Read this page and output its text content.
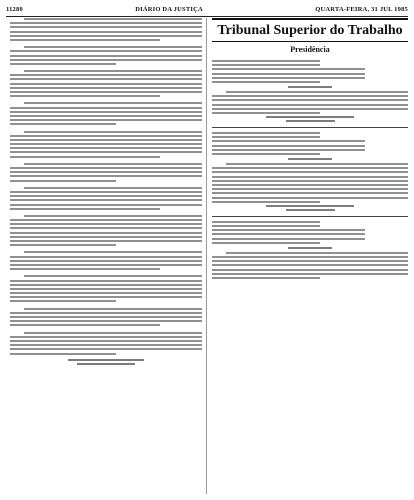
11280	DIÁRIO DA JUSTIÇA	QUARTA-FEIRA, 31 JUL 1985
Tribunal Superior do Trabalho
Presidência
